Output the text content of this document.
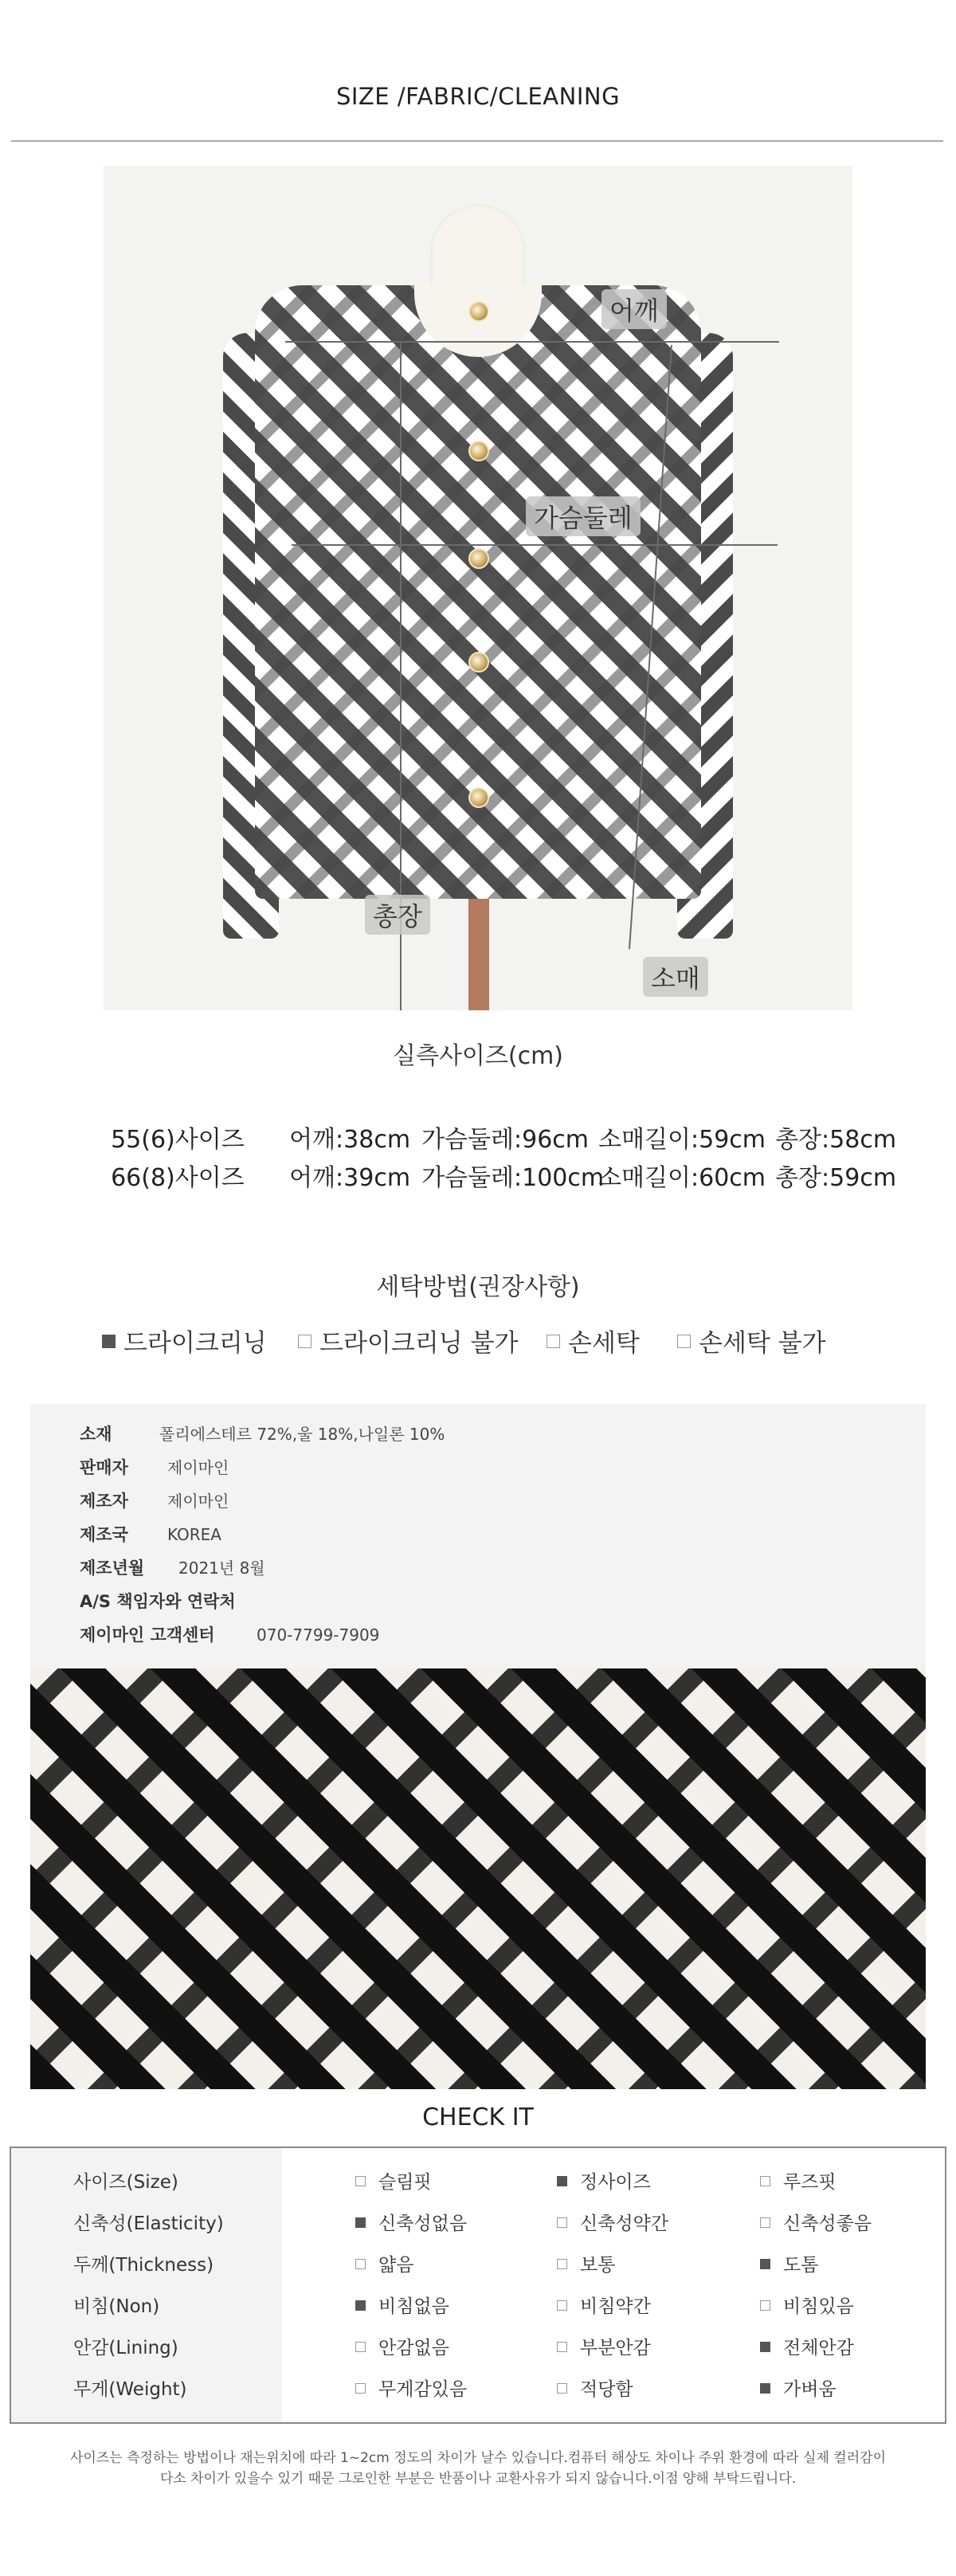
SIZE /FABRIC/CLEANING
어깨
가슴둘레
총장
소매
실측사이즈(cm)

55(6)사이즈 어깨:38cm 가슴둘레:96cm 소매길이:59cm 총장:58cm

66(8)사이즈 어깨:39cm 가슴둘레:100cm소매길이:60cm 총장:59cm

세탁방법(권장사항)
드라이크리닝	드라이크리닝 불가	손세탁	손세탁 불가
소재	폴리에스테르 72%,울 18%,나일론 10%
판매자 제이마인
제조자 제이마인
제조국 KOREA
제조년월 2021년 8월
A/S 책임자와 연락처
제이마인 고객센터	070-7799-7909
CHECK IT
사이즈(Size)	슬림핏	정사이즈	루즈핏
신축성(Elasticity)	신축성없음	신축성약간	신축성좋음
두께(Thickness)	얇음	보통	도톰
비침(Non)	비침없음	비침약간	비침있음
안감(Lining)	안감없음	부분안감	전체안감
무게(Weight)	무게감있음	적당함	가벼움
사이즈는 측정하는 방법이나 재는위치에 따라 1~2cm 정도의 차이가 날수 있습니다.컴퓨터 해상도 차이나 주위 환경에 따라 실제 컬러감이
다소 차이가 있을수 있기 때문 그로인한 부분은 반품이나 교환사유가 되지 않습니다.이점 양해 부탁드립니다.
